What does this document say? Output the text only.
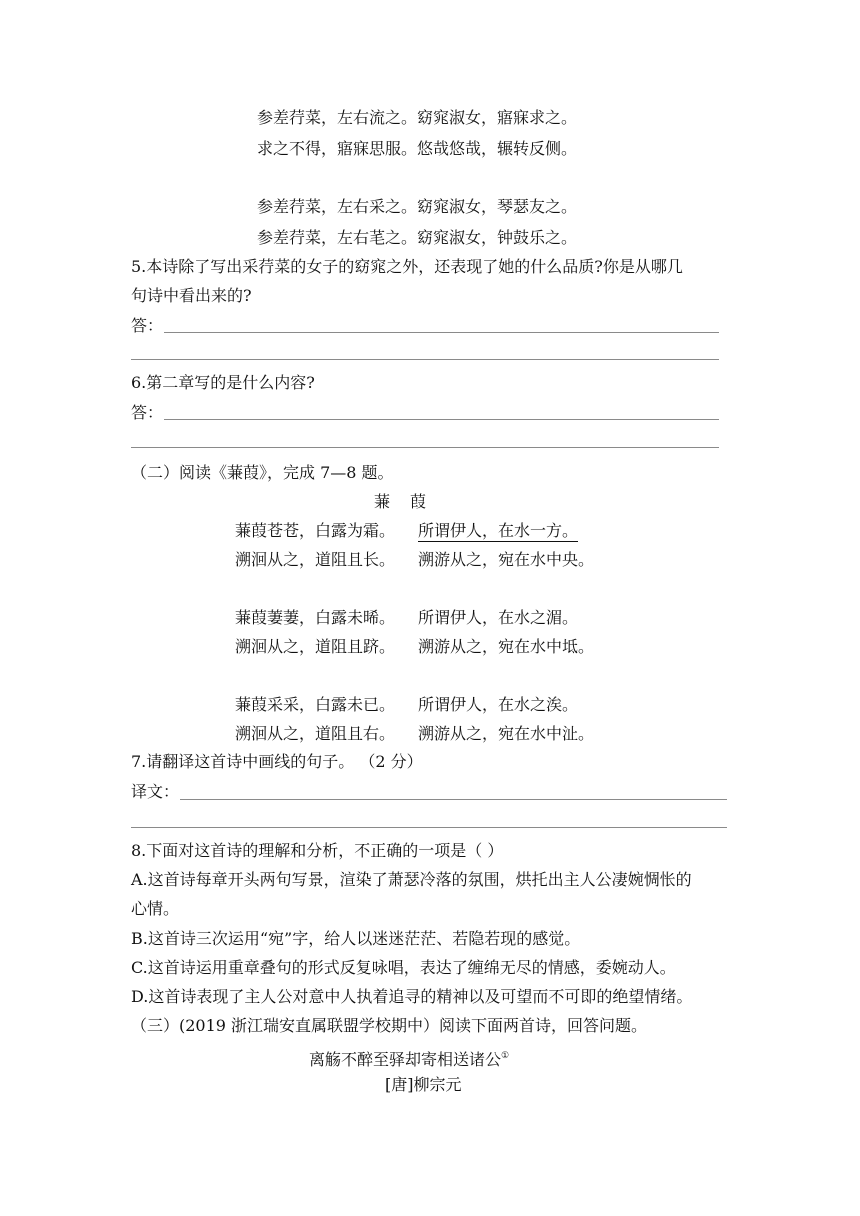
参差荇菜，左右流之。窈窕淑女，寤寐求之。
求之不得，寤寐思服。悠哉悠哉，辗转反侧。
参差荇菜，左右采之。窈窕淑女，琴瑟友之。
参差荇菜，左右芼之。窈窕淑女，钟鼓乐之。
5.本诗除了写出采荇菜的女子的窈窕之外，还表现了她的什么品质?你是从哪几
句诗中看出来的?
答：
6.第二章写的是什么内容?
答：
（二）阅读《蒹葭》，完成 7—8 题。
蒹 葭
蒹葭苍苍，白露为霜。 所谓伊人，在水一方。
溯洄从之，道阻且长。 溯游从之，宛在水中央。
蒹葭萋萋，白露未晞。 所谓伊人，在水之湄。
溯洄从之，道阻且跻。 溯游从之，宛在水中坻。
蒹葭采采，白露未已。 所谓伊人，在水之涘。
溯洄从之，道阻且右。 溯游从之，宛在水中沚。
7.请翻译这首诗中画线的句子。 （2 分）
译文：
8.下面对这首诗的理解和分析，不正确的一项是（ ）
A.这首诗每章开头两句写景，渲染了萧瑟冷落的氛围，烘托出主人公凄婉惆怅的
心情。
B.这首诗三次运用“宛”字，给人以迷迷茫茫、若隐若现的感觉。
C.这首诗运用重章叠句的形式反复咏唱，表达了缠绵无尽的情感，委婉动人。
D.这首诗表现了主人公对意中人执着追寻的精神以及可望而不可即的绝望情绪。
（三）(2019 浙江瑞安直属联盟学校期中）阅读下面两首诗，回答问题。
离觞不醉至驿却寄相送诸公①
[唐]柳宗元
